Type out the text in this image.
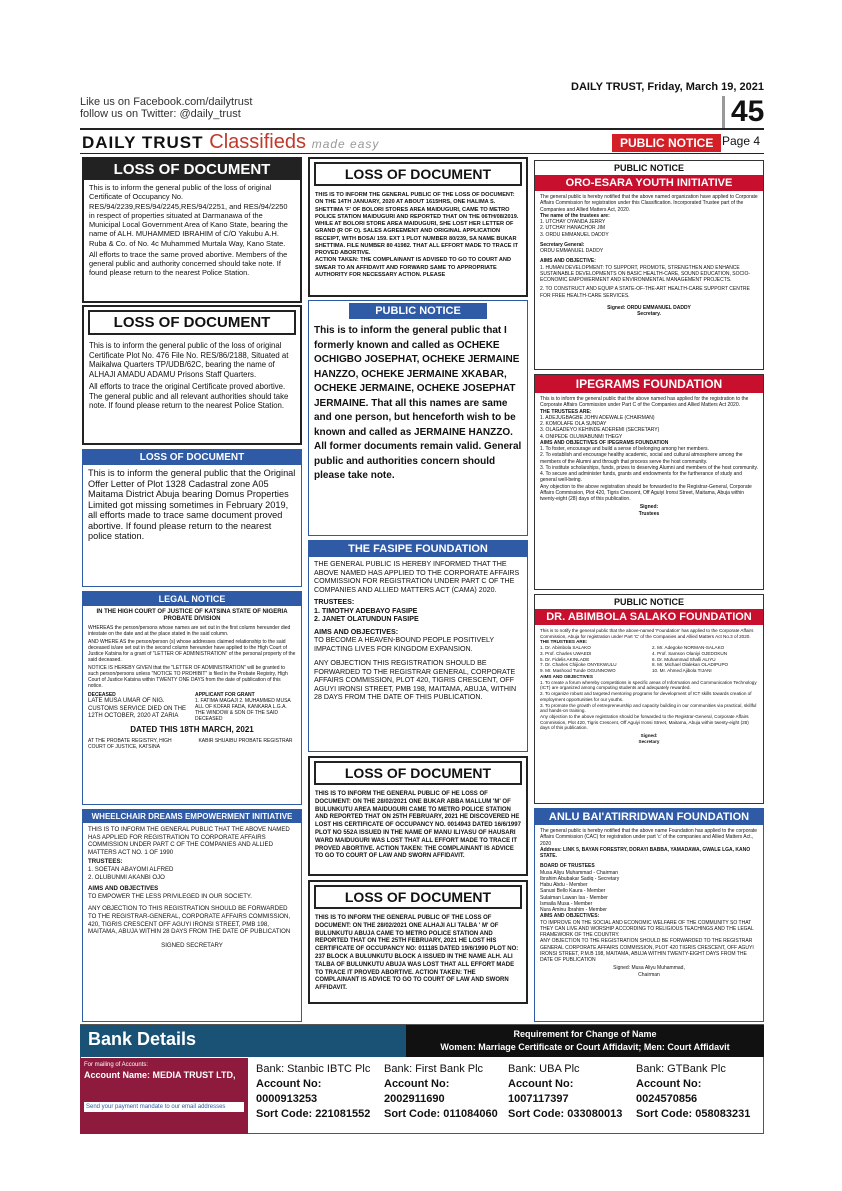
DAILY TRUST, Friday, March 19, 2021
Like us on Facebook.com/dailytrust
follow us on Twitter: @daily_trust	45
DAILY TRUST Classifieds made easy	PUBLIC NOTICE Page 4
LOSS OF DOCUMENT

This is to inform the general public of the loss of original Certificate of Occupancy No. RES/94/2239,RES/94/2245,RES/94/2251, and RES/94/2250 in respect of properties situated at Darmanawa of the Municipal Local Government Area of Kano State, bearing the name of ALH. MUHAMMED IBRAHIM of C/O Yakubu A.H. Ruba & Co. of No. 4c Muhammed Murtala Way, Kano State.

All efforts to trace the same proved abortive. Members of the general public and authority concerned should take note. If found please return to the nearest Police Station.

LOSS OF DOCUMENT

This is to inform the general public of the loss of original Certificate Plot No. 476 File No. RES/86/2188, Situated at Maikalwa Quarters TP/UDB/62C, bearing the name of ALHAJI AMADU ADAMU Prisons Staff Quarters.

All efforts to trace the original Certificate proved abortive. The general public and all relevant authorities should take note. If found please return to the nearest Police Station.

LOSS OF DOCUMENT

This is to inform the general public that the Original Offer Letter of Plot 1328 Cadastral zone A05 Maitama District Abuja bearing Domus Properties Limited got missing sometimes in February 2019, all efforts made to trace same document proved abortive. If found please return to the nearest police station.

LEGAL NOTICE

IN THE HIGH COURT OF JUSTICE OF KATSINA STATE OF NIGERIA PROBATE DIVISION

WHEREAS the person/persons whose names are set out in the first column hereunder died intestate on the date and at the place stated in the said column.

AND WHERE AS the person/person (s) whose addresses claimed relationship to the said deceased is/are set out in the second column hereunder have applied to the High Court of Justice Katsina for a grant of "LETTER OF ADMINISTRATION" of the personal property of the said deceased.

NOTICE IS HEREBY GIVEN that the "LETTER OF ADMINISTRATION" will be granted to such person/persons unless "NOTICE TO PROHIBIT" is filed in the Probate Registry, High Court of Justice Katsina within TWENTY ONE DAYS from the date of publication of this notice.

DECEASED
LATE MUSA UMAR OF NIG. CUSTOMS SERVICE DIED ON THE 12TH OCTOBER, 2020 AT ZARIA
APPLICANT FOR GRANT
1. FATIMA MAGAJI 2. MUHAMMED MUSA ALL OF KOFAR FADA, KANKARA L.G.A. THE WINDOW & SON OF THE SAID DECEASED

DATED THIS 18TH MARCH, 2021

AT THE PROBATE REGISTRY, HIGH COURT OF JUSTICE, KATSINA
KABIR SHUAIBU PROBATE REGISTRAR
WHEELCHAIR DREAMS EMPOWERMENT INITIATIVE

THIS IS TO INFORM THE GENERAL PUBLIC THAT THE ABOVE NAMED HAS APPLIED FOR REGISTRATION TO CORPORATE AFFAIRS COMMISSION UNDER PART C OF THE COMPANIES AND ALLIED MATTERS ACT NO. 1 OF 1990

TRUSTEES:

1. SOETAN ABAYOMI ALFRED

2. OLUBUNMI AKANBI OJO

AIMS AND OBJECTIVES

TO EMPOWER THE LESS PRIVILEGED IN OUR SOCIETY.

ANY OBJECTION TO THIS REGISTRATION SHOULD BE FORWARDED TO THE REGISTRAR-GENERAL, CORPORATE AFFAIRS COMMISSION, 420, TIGRIS CRESCENT OFF AGUYI IRONSI STREET, PMB 198, MAITAMA, ABUJA WITHIN 28 DAYS FROM THE DATE OF PUBLICATION

SIGNED SECRETARY

LOSS OF DOCUMENT

THIS IS TO INFORM THE GENERAL PUBLIC OF THE LOSS OF DOCUMENT: ON THE 14TH JANUARY, 2020 AT ABOUT 1615HRS, ONE HALIMA S. SHETTIMA 'F' OF BOLORI STORES AREA MAIDUGURI, CAME TO METRO POLICE STATION MAIDUGURI AND REPORTED THAT ON THE 06TH/08/2019. WHILE AT BOLORI STORE AREA MAIDUGURI, SHE LOST HER LETTER OF GRAND (R OF O). SALES AGREEMENT AND ORIGINAL APPLICATION RECEIPT, WITH BOSA/ 159. EXT 1 PLOT NUMBER 80/239, SA NAME BUKAR SHETTIMA. FILE NUMBER 80 41982. THAT ALL EFFORT MADE TO TRACE IT PROVED ABORTIVE.

ACTION TAKEN: THE COMPLAINANT IS ADVISED TO GO TO COURT AND SWEAR TO AN AFFIDAVIT AND FORWARD SAME TO APPROPRIATE AUTHORITY FOR NECESSARY ACTION. PLEASE

PUBLIC NOTICE

This is to inform the general public that I formerly known and called as OCHEKE OCHIGBO JOSEPHAT, OCHEKE JERMAINE HANZZO, OCHEKE JERMAINE XKABAR, OCHEKE JERMAINE, OCHEKE JOSEPHAT JERMAINE. That all this names are same and one person, but henceforth wish to be known and called as JERMAINE HANZZO. All former documents remain valid. General public and authorities concern should please take note.

THE FASIPE FOUNDATION

THE GENERAL PUBLIC IS HEREBY INFORMED THAT THE ABOVE NAMED HAS APPLIED TO THE CORPORATE AFFAIRS COMMISSION FOR REGISTRATION UNDER PART C OF THE COMPANIES AND ALLIED MATTERS ACT (CAMA) 2020.

TRUSTEES:

1. TIMOTHY ADEBAYO FASIPE

2. JANET OLATUNDUN FASIPE

AIMS AND OBJECTIVES:

TO BECOME A HEAVEN-BOUND PEOPLE POSITIVELY IMPACTING LIVES FOR KINGDOM EXPANSION.

ANY OBJECTION THIS REGISTRATION SHOULD BE FORWARDED TO THE REGISTRAR GENERAL, CORPORATE AFFAIRS COMMISSION, PLOT 420, TIGRIS CRESCENT, OFF AGUYI IRONSI STREET, PMB 198, MAITAMA, ABUJA, WITHIN 28 DAYS FROM THE DATE OF THIS PUBLICATION.

LOSS OF DOCUMENT

THIS IS TO INFORM THE GENERAL PUBLIC OF HE LOSS OF DOCUMENT: ON THE 28/02/2021 ONE BUKAR ABBA MALLUM 'M' OF BULUNKUTU AREA MAIDUGURI CAME TO METRO POLICE STATION AND REPORTED THAT ON 25TH FEBRUARY, 2021 HE DISCOVERED HE LOST HIS CERTIFICATE OF OCCUPANCY NO. 0014943 DATED 16/6/1997 PLOT NO 552A ISSUED IN THE NAME OF MANU ILIYASU OF HAUSARI WARD MAIDUGURI WAS LOST THAT ALL EFFORT MADE TO TRACE IT PROVED ABORTIVE. ACTION TAKEN: THE COMPLAINANT IS ADVICE TO GO TO COURT OF LAW AND SWORN AFFIDAVIT.

LOSS OF DOCUMENT

THIS IS TO INFORM THE GENERAL PUBLIC OF THE LOSS OF DOCUMENT: ON THE 28/02/2021 ONE ALHAJI ALI TALBA ' M' OF BULUNKUTU ABUJA CAME TO METRO POLICE STATION AND REPORTED THAT ON THE 25TH FEBRUARY, 2021 HE LOST HIS CERTIFICATE OF OCCUPANCY NO: 011185 DATED 19/6/1990 PLOT NO: 237 BLOCK A BULUNKUTU BLOCK A ISSUED IN THE NAME ALH. ALI TALBA OF BULUNKUTU ABUJA WAS LOST THAT ALL EFFORT MADE TO TRACE IT PROVED ABORTIVE. ACTION TAKEN: THE COMPLAINANT IS ADVICE TO GO TO COURT OF LAW AND SWORN AFFIDAVIT.

PUBLIC NOTICE
ORO-ESARA YOUTH INITIATIVE

The general public is hereby notified that the above named organization have applied to Corporate Affairs Commission for registration under this Classification. Incorporated Trustee part of the Companies and Allied Matters Act, 2020.

The name of the trustees are:

1. UTCHAY OYANDA JERRY

2. UTCHAY HANACHOR JIM

3. ORDU EMMANUEL DADDY

Secretary General:

ORDU EMMANUEL DADDY

AIMS AND OBJECTIVE:

1. HUMAN DEVELOPMENT: TO SUPPORT, PROMOTE, STRENGTHEN AND ENHANCE SUSTAINABLE DEVELOPMENTS ON BASIC HEALTH-CARE, SOUND EDUCATION, SOCIO-ECONOMIC EMPOWERMENT AND ENVIRONMENTAL MANAGEMENT PROJECTS.

2. TO CONSTRUCT AND EQUIP A STATE-OF-THE-ART HEALTH-CARE SUPPORT CENTRE FOR FREE HEALTH-CARE SERVICES.

Signed: ORDU EMMANUEL DADDY

Secretary.

IPEGRAMS FOUNDATION

This is to inform the general public that the above named has applied for the registration to the Corporate Affairs Commission under Part C of the Companies and Allied Matters Act 2020.

THE TRUSTEES ARE:

1. ADEJUGBAGBE JOHN ADEWALE (CHAIRMAN)

2. KOMOLAFE OLA SUNDAY

3. OLAGADEYO KEHINDE ADEREMI (SECRETARY)

4. ONIPEDE OLUWABUNMI THEGY

AIMS AND OBJECTIVES OF IPEGRAMS FOUNDATION

1. To foster, encourage and build a sense of belonging among her members.

2. To establish and encourage healthy academic, social and cultural atmosphere among the members of the Alumni and through that process serve the host community.

3. To institute scholarships, funds, prizes to deserving Alumni and members of the host community.

4. To secure and administer funds, grants and endowments for the furtherance of study and general well-being.

Any objection to the above registration should be forwarded to the Registrar-General, Corporate Affairs Commission, Plot 420, Tigris Crescent, Off Aguiyi Ironsi Street, Maitama, Abuja within twenty-eight (28) days of this publication.

Signed:

Trustees

PUBLIC NOTICE
DR. ABIMBOLA SALAKO FOUNDATION

This is to notify the general public that the above-named 'Foundation' has applied to the Corporate Affairs Commission, Abuja for registration under Part 'C' of the Companies and Allied Matters Act No.3 of 2020.

THE TRUSTEES ARE:

1. Dr. Abimbola SALAKO

3. Prof. Charles UWAEDI

5. Dr. Fidelis AKINLADE

7. Dr. Charles Chijioke ONYEKWULU

9. Mr. Mashood Tunde OGUNNOWO

2. Mr. Adegoke NORMAN-SALAKO

4. Prof. Samson Olaniyi OJEDOKUN

6. Dr. Muhammad Shafii ALIYU

8. Mr. Michael Olalekan OLADIPUPO

10. Mr. Ahmed Ajibola TIJANI

AIMS AND OBJECTIVES

1. To create a forum whereby competitions in specific areas of Information and Communication Technology (ICT) are organized among computing students and adequately rewarded.

2. To organize robust and targeted mentoring programs for development of ICT skills towards creation of employment opportunities for our youths.

3. To promote the growth of entrepreneurship and capacity building in our communities via practical, skillful and hands-on training.

Any objection to the above registration should be forwarded to the Registrar-General, Corporate Affairs Commission, Plot 420, Tigris Crescent, Off Aguiyi Ironsi Street, Maitama, Abuja within twenty-eight (28) days of this publication.

Signed:

Secretary

ANLU BAI'ATIRRIDWAN FOUNDATION

The general public is hereby notified that the above name Foundation has applied to the corporate Affairs Commission (CAC) for registration under part 'c' of the companies and Allied Matters Act., 2020

Address: LINK 5, BAYAN FORESTRY, DORAYI BABBA, YAMADAWA, GWALE LGA, KANO STATE.

BOARD OF TRUSTEES

Musa Aliyu Muhammad - Chairman

Ibrahim Abubakar Sadiq - Secretary

Habu Abdu - Member

Sanusi Bello Kaura - Member

Sulaiman Lawan Isa - Member

Ismaila Musa - Member

Nura Aminu Ibrahim - Member

AIMS AND OBJECTIVES:

TO IMPROVE ON THE SOCIAL AND ECONOMIC WELFARE OF THE COMMUNITY SO THAT THEY CAN LIVE AND WORSHIP ACCORDING TO RELIGIOUS TEACHINGS AND THE LEGAL FRAMEWORK OF THE COUNTRY.

ANY OBJECTION TO THE REGISTRATION SHOULD BE FORWARDED TO THE REGISTRAR GENERAL CORPORATE AFFAIRS COMMISSION, PLOT 420 TIGRIS CRESCENT, OFF AGUYI IRONSI STREET, P.M.B 198, MAITAMA, ABUJA WITHIN TWENTY-EIGHT DAYS FROM THE DATE OF PUBLICATION

Signed: Musa Aliyu Muhammad,

Chairman

Bank Details	Requirement for Change of Name
Women: Marriage Certificate or Court Affidavit; Men: Court Affidavit
For mailing of Accounts:
Account Name: MEDIA TRUST LTD,
Send your payment mandate to our email addresses
Bank: Stanbic IBTC Plc
Account No: 0000913253
Sort Code: 221081552
Bank: First Bank Plc
Account No: 2002911690
Sort Code: 011084060
Bank: UBA Plc
Account No: 1007117397
Sort Code: 033080013
Bank: GTBank Plc
Account No: 0024570856
Sort Code: 058083231
